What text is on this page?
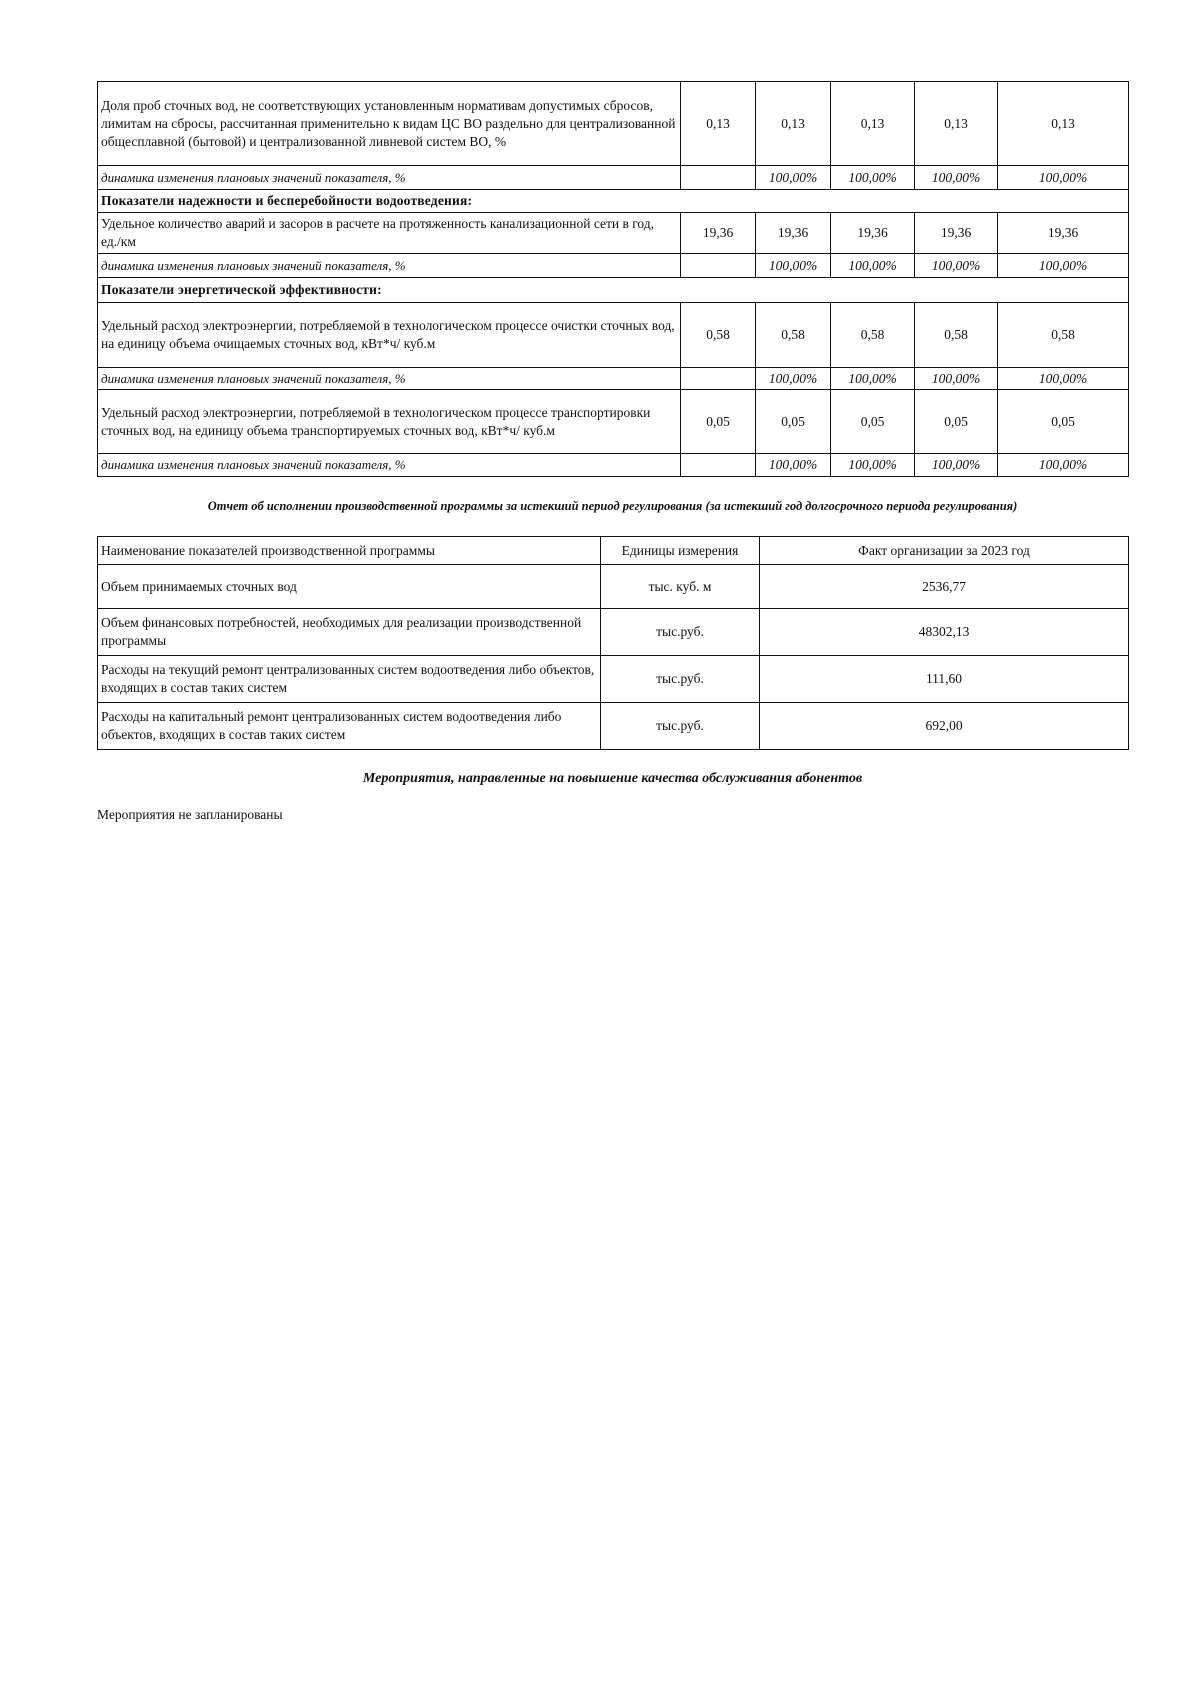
Доля проб сточных вод, не соответствующих установленным нормативам допустимых сбросов, лимитам на сбросы, рассчитанная применительно к видам ЦС ВО раздельно для централизованной общесплавной (бытовой) и централизованной ливневой систем ВО, %	0,13	0,13	0,13	0,13	0,13
динамика изменения плановых значений показателя, %		100,00%	100,00%	100,00%	100,00%
Показатели надежности и бесперебойности водоотведения:					
Удельное количество аварий и засоров в расчете на протяженность канализационной сети в год, ед./км	19,36	19,36	19,36	19,36	19,36
динамика изменения плановых значений показателя, %		100,00%	100,00%	100,00%	100,00%
Показатели энергетической эффективности:					
Удельный расход электроэнергии, потребляемой в технологическом процессе очистки сточных вод, на единицу объема очищаемых сточных вод, кВт*ч/ куб.м	0,58	0,58	0,58	0,58	0,58
динамика изменения плановых значений показателя, %		100,00%	100,00%	100,00%	100,00%
Удельный расход электроэнергии, потребляемой в технологическом процессе транспортировки сточных вод, на единицу объема транспортируемых сточных вод, кВт*ч/ куб.м	0,05	0,05	0,05	0,05	0,05
динамика изменения плановых значений показателя, %		100,00%	100,00%	100,00%	100,00%
Отчет об исполнении производственной программы за истекший период регулирования (за истекший год долгосрочного периода регулирования)
Наименование показателей производственной программы	Единицы измерения	Факт организации за 2023 год
Объем принимаемых сточных вод	тыс. куб. м	2536,77
Объем финансовых потребностей, необходимых для реализации производственной программы	тыс.руб.	48302,13
Расходы на текущий ремонт централизованных систем водоотведения либо объектов, входящих в состав таких систем	тыс.руб.	111,60
Расходы на капитальный ремонт централизованных систем водоотведения либо объектов, входящих в состав таких систем	тыс.руб.	692,00
Мероприятия, направленные на повышение качества обслуживания абонентов
Мероприятия не запланированы
